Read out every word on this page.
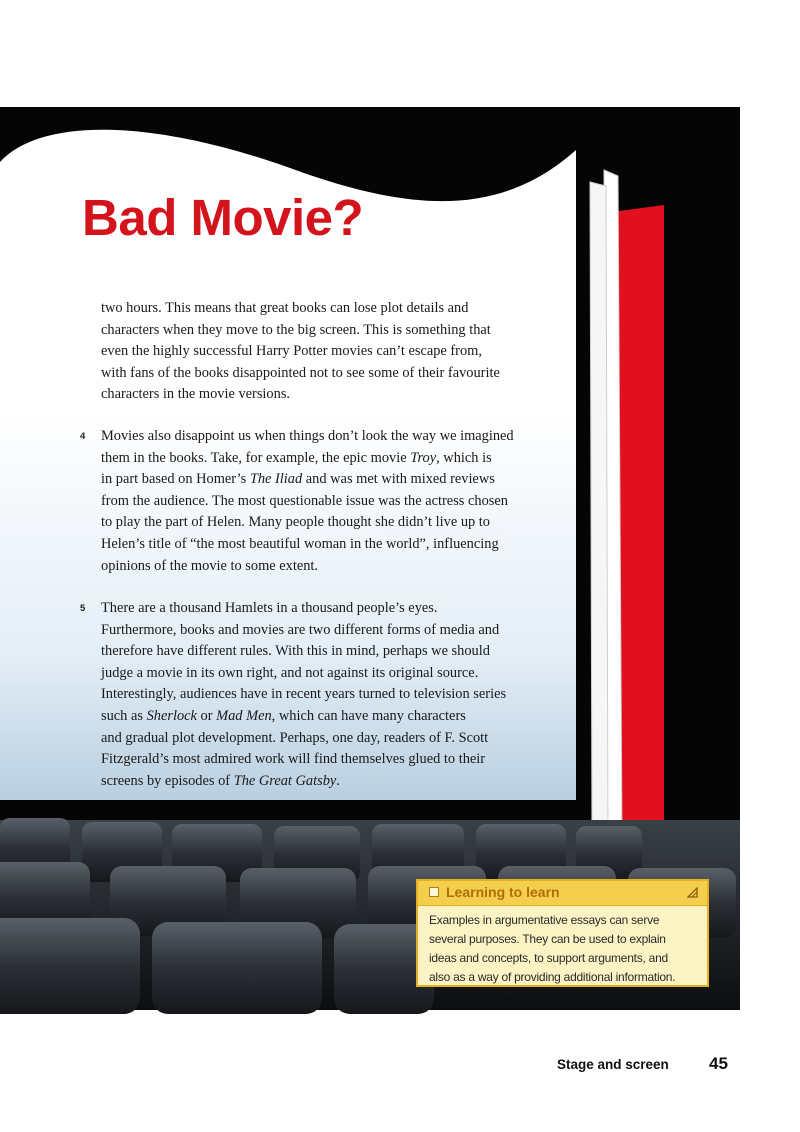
Bad Movie?

two hours. This means that great books can lose plot details and
characters when they move to the big screen. This is something that
even the highly successful Harry Potter movies can’t escape from,
with fans of the books disappointed not to see some of their favourite
characters in the movie versions.

4 Movies also disappoint us when things don’t look the way we imagined
them in the books. Take, for example, the epic movie Troy, which is
in part based on Homer’s The Iliad and was met with mixed reviews
from the audience. The most questionable issue was the actress chosen
to play the part of Helen. Many people thought she didn’t live up to
Helen’s title of “the most beautiful woman in the world”, influencing
opinions of the movie to some extent.

5 There are a thousand Hamlets in a thousand people’s eyes.
Furthermore, books and movies are two different forms of media and
therefore have different rules. With this in mind, perhaps we should
judge a movie in its own right, and not against its original source.
Interestingly, audiences have in recent years turned to television series
such as Sherlock or Mad Men, which can have many characters
and gradual plot development. Perhaps, one day, readers of F. Scott
Fitzgerald’s most admired work will find themselves glued to their
screens by episodes of The Great Gatsby.

Learning to learn
Examples in argumentative essays can serve
several purposes. They can be used to explain
ideas and concepts, to support arguments, and
also as a way of providing additional information.
Stage and screen 45
